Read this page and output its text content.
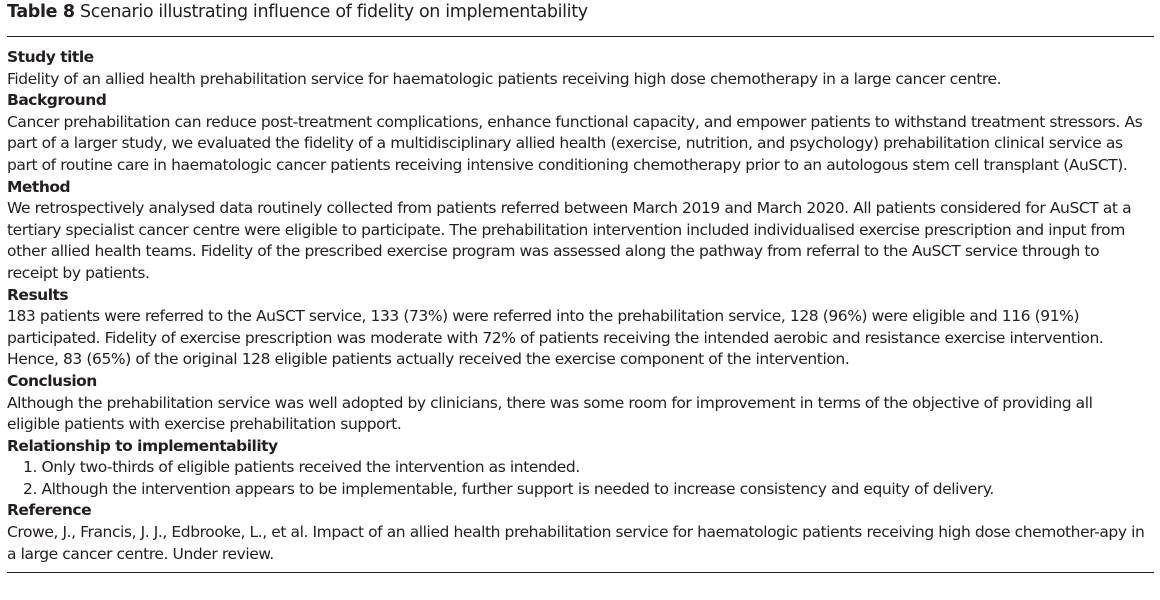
Table 8 Scenario illustrating influence of fidelity on implementability
Study title

Fidelity of an allied health prehabilitation service for haematologic patients receiving high dose chemotherapy in a large cancer centre.

Background

Cancer prehabilitation can reduce post-treatment complications, enhance functional capacity, and empower patients to withstand treatment stressors. As part of a larger study, we evaluated the fidelity of a multidisciplinary allied health (exercise, nutrition, and psychology) prehabilitation clinical service as part of routine care in haematologic cancer patients receiving intensive conditioning chemotherapy prior to an autologous stem cell transplant (AuSCT).

Method

We retrospectively analysed data routinely collected from patients referred between March 2019 and March 2020. All patients considered for AuSCT at a tertiary specialist cancer centre were eligible to participate. The prehabilitation intervention included individualised exercise prescription and input from other allied health teams. Fidelity of the prescribed exercise program was assessed along the pathway from referral to the AuSCT service through to receipt by patients.

Results

183 patients were referred to the AuSCT service, 133 (73%) were referred into the prehabilitation service, 128 (96%) were eligible and 116 (91%) participated. Fidelity of exercise prescription was moderate with 72% of patients receiving the intended aerobic and resistance exercise intervention. Hence, 83 (65%) of the original 128 eligible patients actually received the exercise component of the intervention.

Conclusion

Although the prehabilitation service was well adopted by clinicians, there was some room for improvement in terms of the objective of providing all eligible patients with exercise prehabilitation support.

Relationship to implementability
1. Only two-thirds of eligible patients received the intervention as intended.
2. Although the intervention appears to be implementable, further support is needed to increase consistency and equity of delivery.
Reference

Crowe, J., Francis, J. J., Edbrooke, L., et al. Impact of an allied health prehabilitation service for haematologic patients receiving high dose chemother-apy in a large cancer centre. Under review.
